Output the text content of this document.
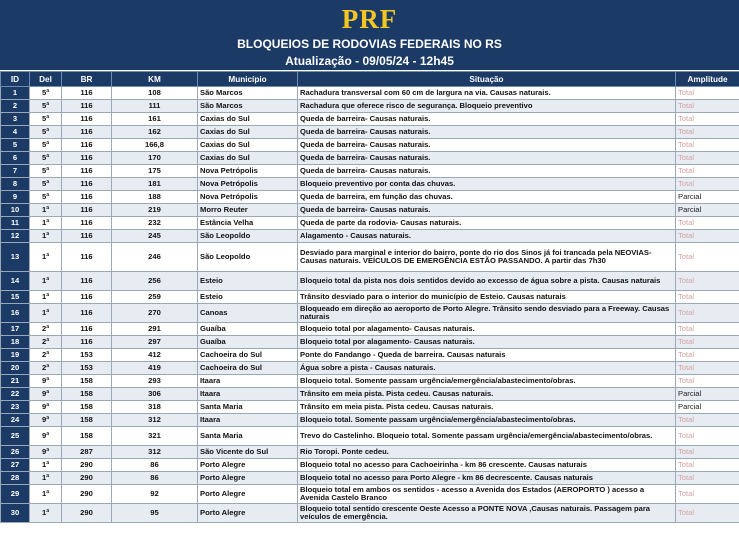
PRF
BLOQUEIOS DE RODOVIAS FEDERAIS NO RS
Atualização - 09/05/24 - 12h45
ID	Del	BR	KM	Município	Situação	Amplitude
1	5ª	116	108	São Marcos	Rachadura transversal com 60 cm de largura na via. Causas naturais.	Total
2	5ª	116	111	São Marcos	Rachadura que oferece risco de segurança. Bloqueio preventivo	Total
3	5ª	116	161	Caxias do Sul	Queda de barreira- Causas naturais.	Total
4	5ª	116	162	Caxias do Sul	Queda de barreira- Causas naturais.	Total
5	5ª	116	166,8	Caxias do Sul	Queda de barreira- Causas naturais.	Total
6	5ª	116	170	Caxias do Sul	Queda de barreira- Causas naturais.	Total
7	5ª	116	175	Nova Petrópolis	Queda de barreira- Causas naturais.	Total
8	5ª	116	181	Nova Petrópolis	Bloqueio preventivo por conta das chuvas.	Total
9	5ª	116	188	Nova Petrópolis	Queda de barreira, em função das chuvas.	Parcial
10	1ª	116	219	Morro Reuter	Queda de barreira- Causas naturais.	Parcial
11	1ª	116	232	Estância Velha	Queda de parte da rodovia- Causas naturais.	Total
12	1ª	116	245	São Leopoldo	Alagamento - Causas naturais.	Total
13	1ª	116	246	São Leopoldo	Desviado para marginal e interior do bairro, ponte do rio dos Sinos já foi trancada pela NEOVIAS- Causas naturais. VEÍCULOS DE EMERGÊNCIA ESTÃO PASSANDO. A partir das 7h30	Total
14	1ª	116	256	Esteio	Bloqueio total da pista nos dois sentidos devido ao excesso de água sobre a pista. Causas naturais	Total
15	1ª	116	259	Esteio	Trânsito desviado para o interior do município de Esteio. Causas naturais	Total
16	1ª	116	270	Canoas	Bloqueado em direção ao aeroporto de Porto Alegre. Trânsito sendo desviado para a Freeway. Causas naturais	Total
17	2ª	116	291	Guaíba	Bloqueio total por alagamento- Causas naturais.	Total
18	2ª	116	297	Guaíba	Bloqueio total por alagamento- Causas naturais.	Total
19	2ª	153	412	Cachoeira do Sul	Ponte do Fandango - Queda de barreira. Causas naturais	Total
20	2ª	153	419	Cachoeira do Sul	Água sobre a pista - Causas naturais.	Total
21	9ª	158	293	Itaara	Bloqueio total. Somente passam urgência/emergência/abastecimento/obras.	Total
22	9ª	158	306	Itaara	Trânsito em meia pista. Pista cedeu. Causas naturais.	Parcial
23	9ª	158	318	Santa Maria	Trânsito em meia pista. Pista cedeu. Causas naturais.	Parcial
24	9ª	158	312	Itaara	Bloqueio total. Somente passam urgência/emergência/abastecimento/obras.	Total
25	9ª	158	321	Santa Maria	Trevo do Castelinho. Bloqueio total. Somente passam urgência/emergência/abastecimento/obras.	Total
26	9ª	287	312	São Vicente do Sul	Rio Toropi. Ponte cedeu.	Total
27	1ª	290	86	Porto Alegre	Bloqueio total no acesso para Cachoeirinha - km 86 crescente. Causas naturais	Total
28	1ª	290	86	Porto Alegre	Bloqueio total no acesso para Porto Alegre - km 86 decrescente. Causas naturais	Total
29	1ª	290	92	Porto Alegre	Bloqueio total em ambos os sentidos - acesso a Avenida dos Estados (AEROPORTO ) acesso a Avenida Castelo Branco	Total
30	1ª	290	95	Porto Alegre	Bloqueio total sentido crescente Oeste Acesso a PONTE NOVA ,Causas naturais. Passagem para veículos de emergência.	Total
